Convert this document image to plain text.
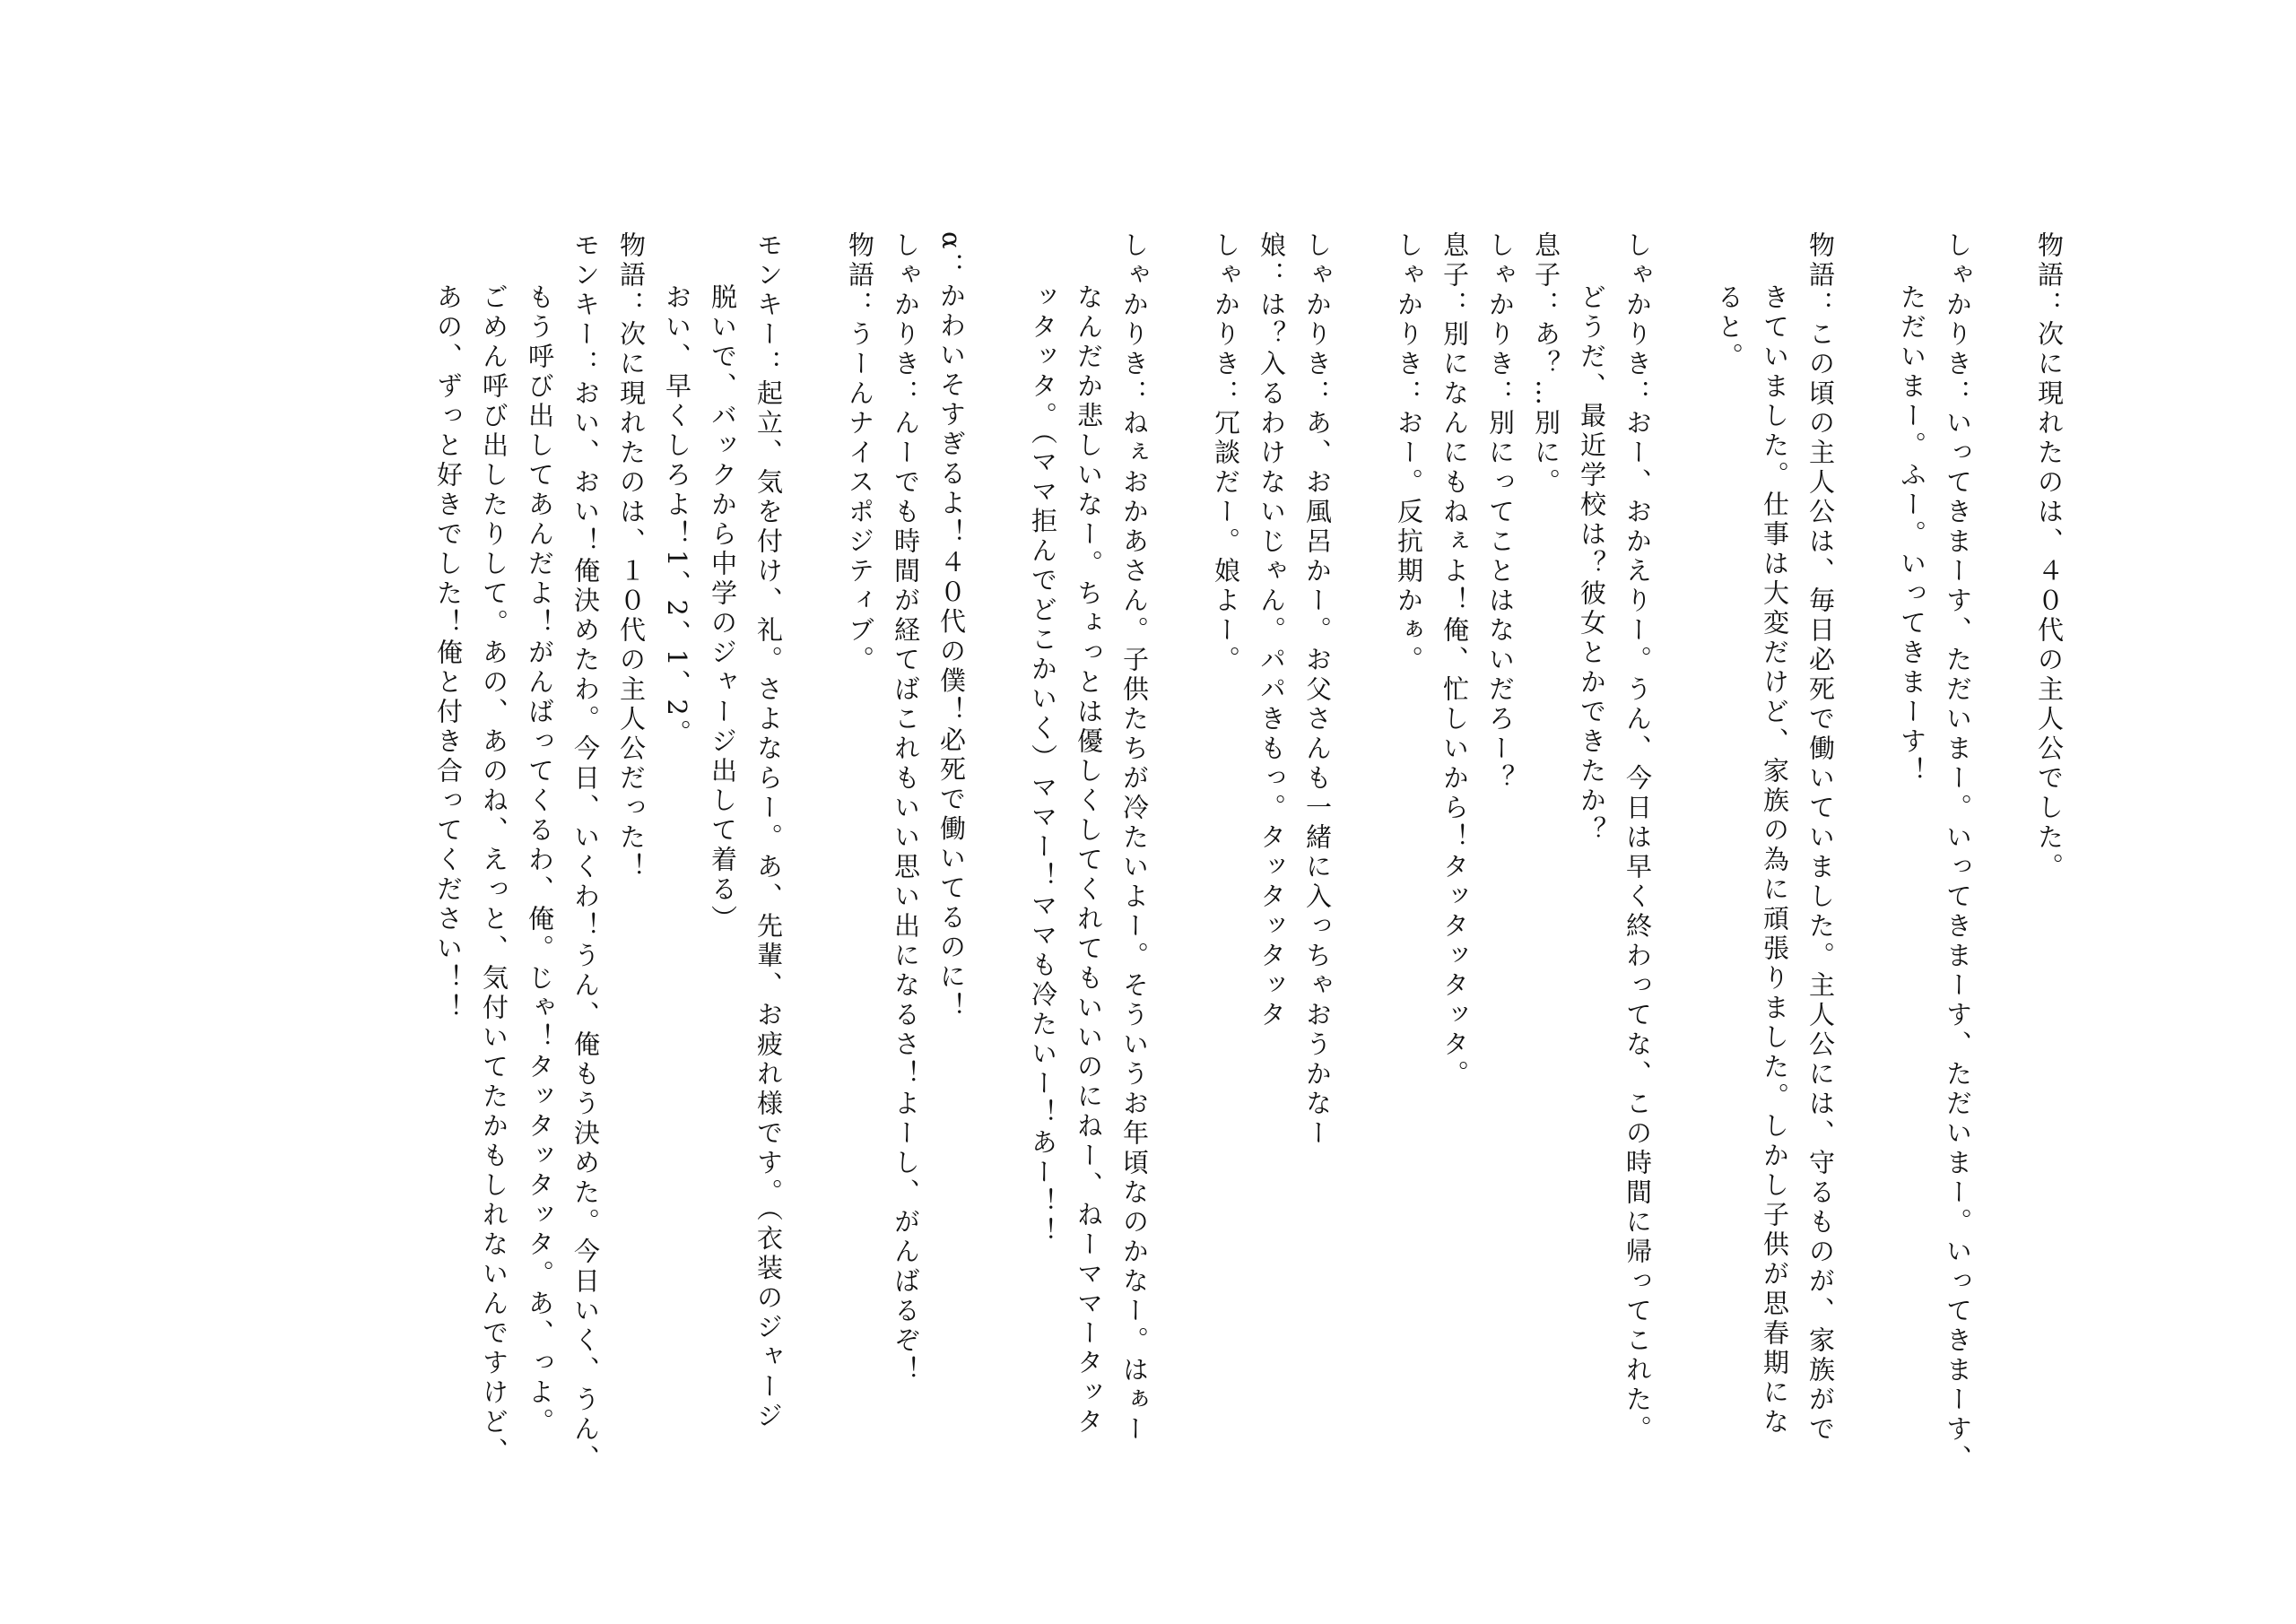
物語：次に現れたのは、４０代の主人公でした。
しゃかりき：いってきまーす、ただいまー。いってきまーす、ただいまー。いってきまーす、
ただいまー。ふー。いってきまーす！
物語：この頃の主人公は、毎日必死で働いていました。主人公には、守るものが、家族がで
きていました。仕事は大変だけど、家族の為に頑張りました。しかし子供が思春期にな
ると。
しゃかりき：おー、おかえりー。うん、今日は早く終わってな、この時間に帰ってこれた。
どうだ、最近学校は？彼女とかできたか？
息子：あ？…別に。
しゃかりき：別にってことはないだろー？
息子：別になんにもねぇよ！俺、忙しいから！タッタッタッタ。
しゃかりき：おー。反抗期かぁ。
しゃかりき：あ、お風呂かー。お父さんも一緒に入っちゃおうかなー
娘：は？入るわけないじゃん。パパきもっ。タッタッタッタ
しゃかりき：冗談だー。娘よー。
しゃかりき：ねぇおかあさん。子供たちが冷たいよー。そういうお年頃なのかなー。はぁー
なんだか悲しいなー。ちょっとは優しくしてくれてもいいのにねー、ねーママータッタ
ッタッタ。（ママ拒んでどこかいく）ママー！ママも冷たいー！あー！！
α：かわいそすぎるよ！４０代の僕！必死で働いてるのに！
しゃかりき：んーでも時間が経てばこれもいい思い出になるさ！よーし、がんばるぞ！
物語：うーんナイスポジティブ。
モンキー：起立、気を付け、礼。さよならー。あ、先輩、お疲れ様です。（衣装のジャージ
脱いで、バックから中学のジャージ出して着る）
おい、早くしろよ！1、2、1、2。
物語：次に現れたのは、１０代の主人公だった！
モンキー：おい、おい！俺決めたわ。今日、いくわ！うん、俺もう決めた。今日いく、うん、
もう呼び出してあんだよ！がんばってくるわ、俺。じゃ！タッタッタッタ。あ、っよ。
ごめん呼び出したりして。あの、あのね、えっと、気付いてたかもしれないんですけど、
あの、ずっと好きでした！俺と付き合ってください！！
